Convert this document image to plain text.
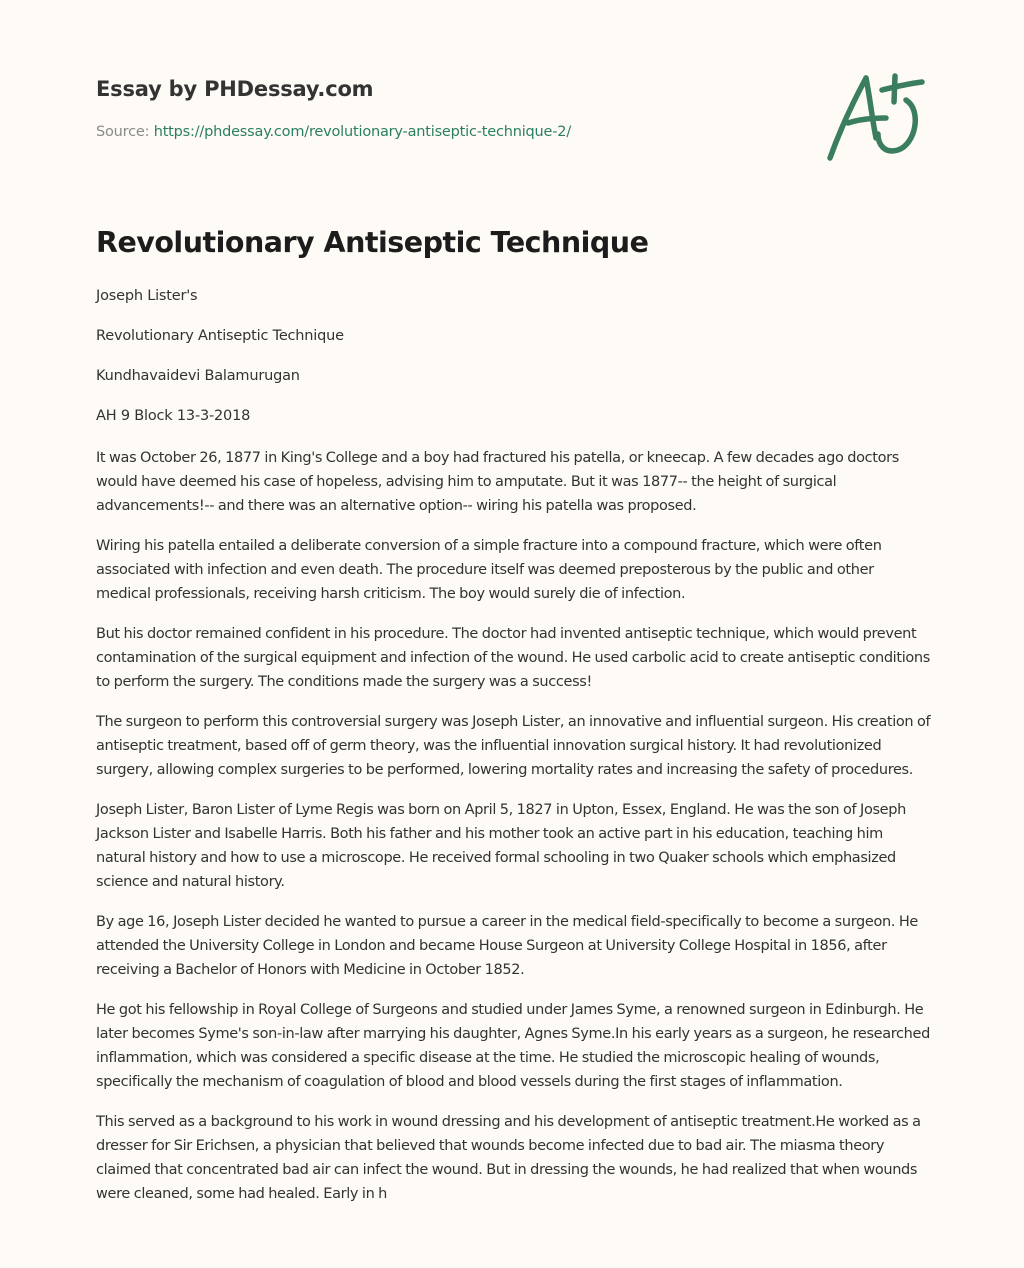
Essay by PHDessay.com
Source: https://phdessay.com/revolutionary-antiseptic-technique-2/
Revolutionary Antiseptic Technique

Joseph Lister's

Revolutionary Antiseptic Technique

Kundhavaidevi Balamurugan

AH 9 Block 13-3-2018

It was October 26, 1877 in King's College and a boy had fractured his patella, or kneecap. A few decades ago doctors would have deemed his case of hopeless, advising him to amputate. But it was 1877-- the height of surgical advancements!-- and there was an alternative option-- wiring his patella was proposed.

Wiring his patella entailed a deliberate conversion of a simple fracture into a compound fracture, which were often associated with infection and even death. The procedure itself was deemed preposterous by the public and other medical professionals, receiving harsh criticism. The boy would surely die of infection.

But his doctor remained confident in his procedure. The doctor had invented antiseptic technique, which would prevent contamination of the surgical equipment and infection of the wound. He used carbolic acid to create antiseptic conditions to perform the surgery. The conditions made the surgery was a success!

The surgeon to perform this controversial surgery was Joseph Lister, an innovative and influential surgeon. His creation of antiseptic treatment, based off of germ theory, was the influential innovation surgical history. It had revolutionized surgery, allowing complex surgeries to be performed, lowering mortality rates and increasing the safety of procedures.

Joseph Lister, Baron Lister of Lyme Regis was born on April 5, 1827 in Upton, Essex, England. He was the son of Joseph Jackson Lister and Isabelle Harris. Both his father and his mother took an active part in his education, teaching him natural history and how to use a microscope. He received formal schooling in two Quaker schools which emphasized science and natural history.

By age 16, Joseph Lister decided he wanted to pursue a career in the medical field-specifically to become a surgeon. He attended the University College in London and became House Surgeon at University College Hospital in 1856, after receiving a Bachelor of Honors with Medicine in October 1852.

He got his fellowship in Royal College of Surgeons and studied under James Syme, a renowned surgeon in Edinburgh. He later becomes Syme's son-in-law after marrying his daughter, Agnes Syme.In his early years as a surgeon, he researched inflammation, which was considered a specific disease at the time. He studied the microscopic healing of wounds, specifically the mechanism of coagulation of blood and blood vessels during the first stages of inflammation.

This served as a background to his work in wound dressing and his development of antiseptic treatment.He worked as a dresser for Sir Erichsen, a physician that believed that wounds become infected due to bad air. The miasma theory claimed that concentrated bad air can infect the wound. But in dressing the wounds, he had realized that when wounds were cleaned, some had healed. Early in h
